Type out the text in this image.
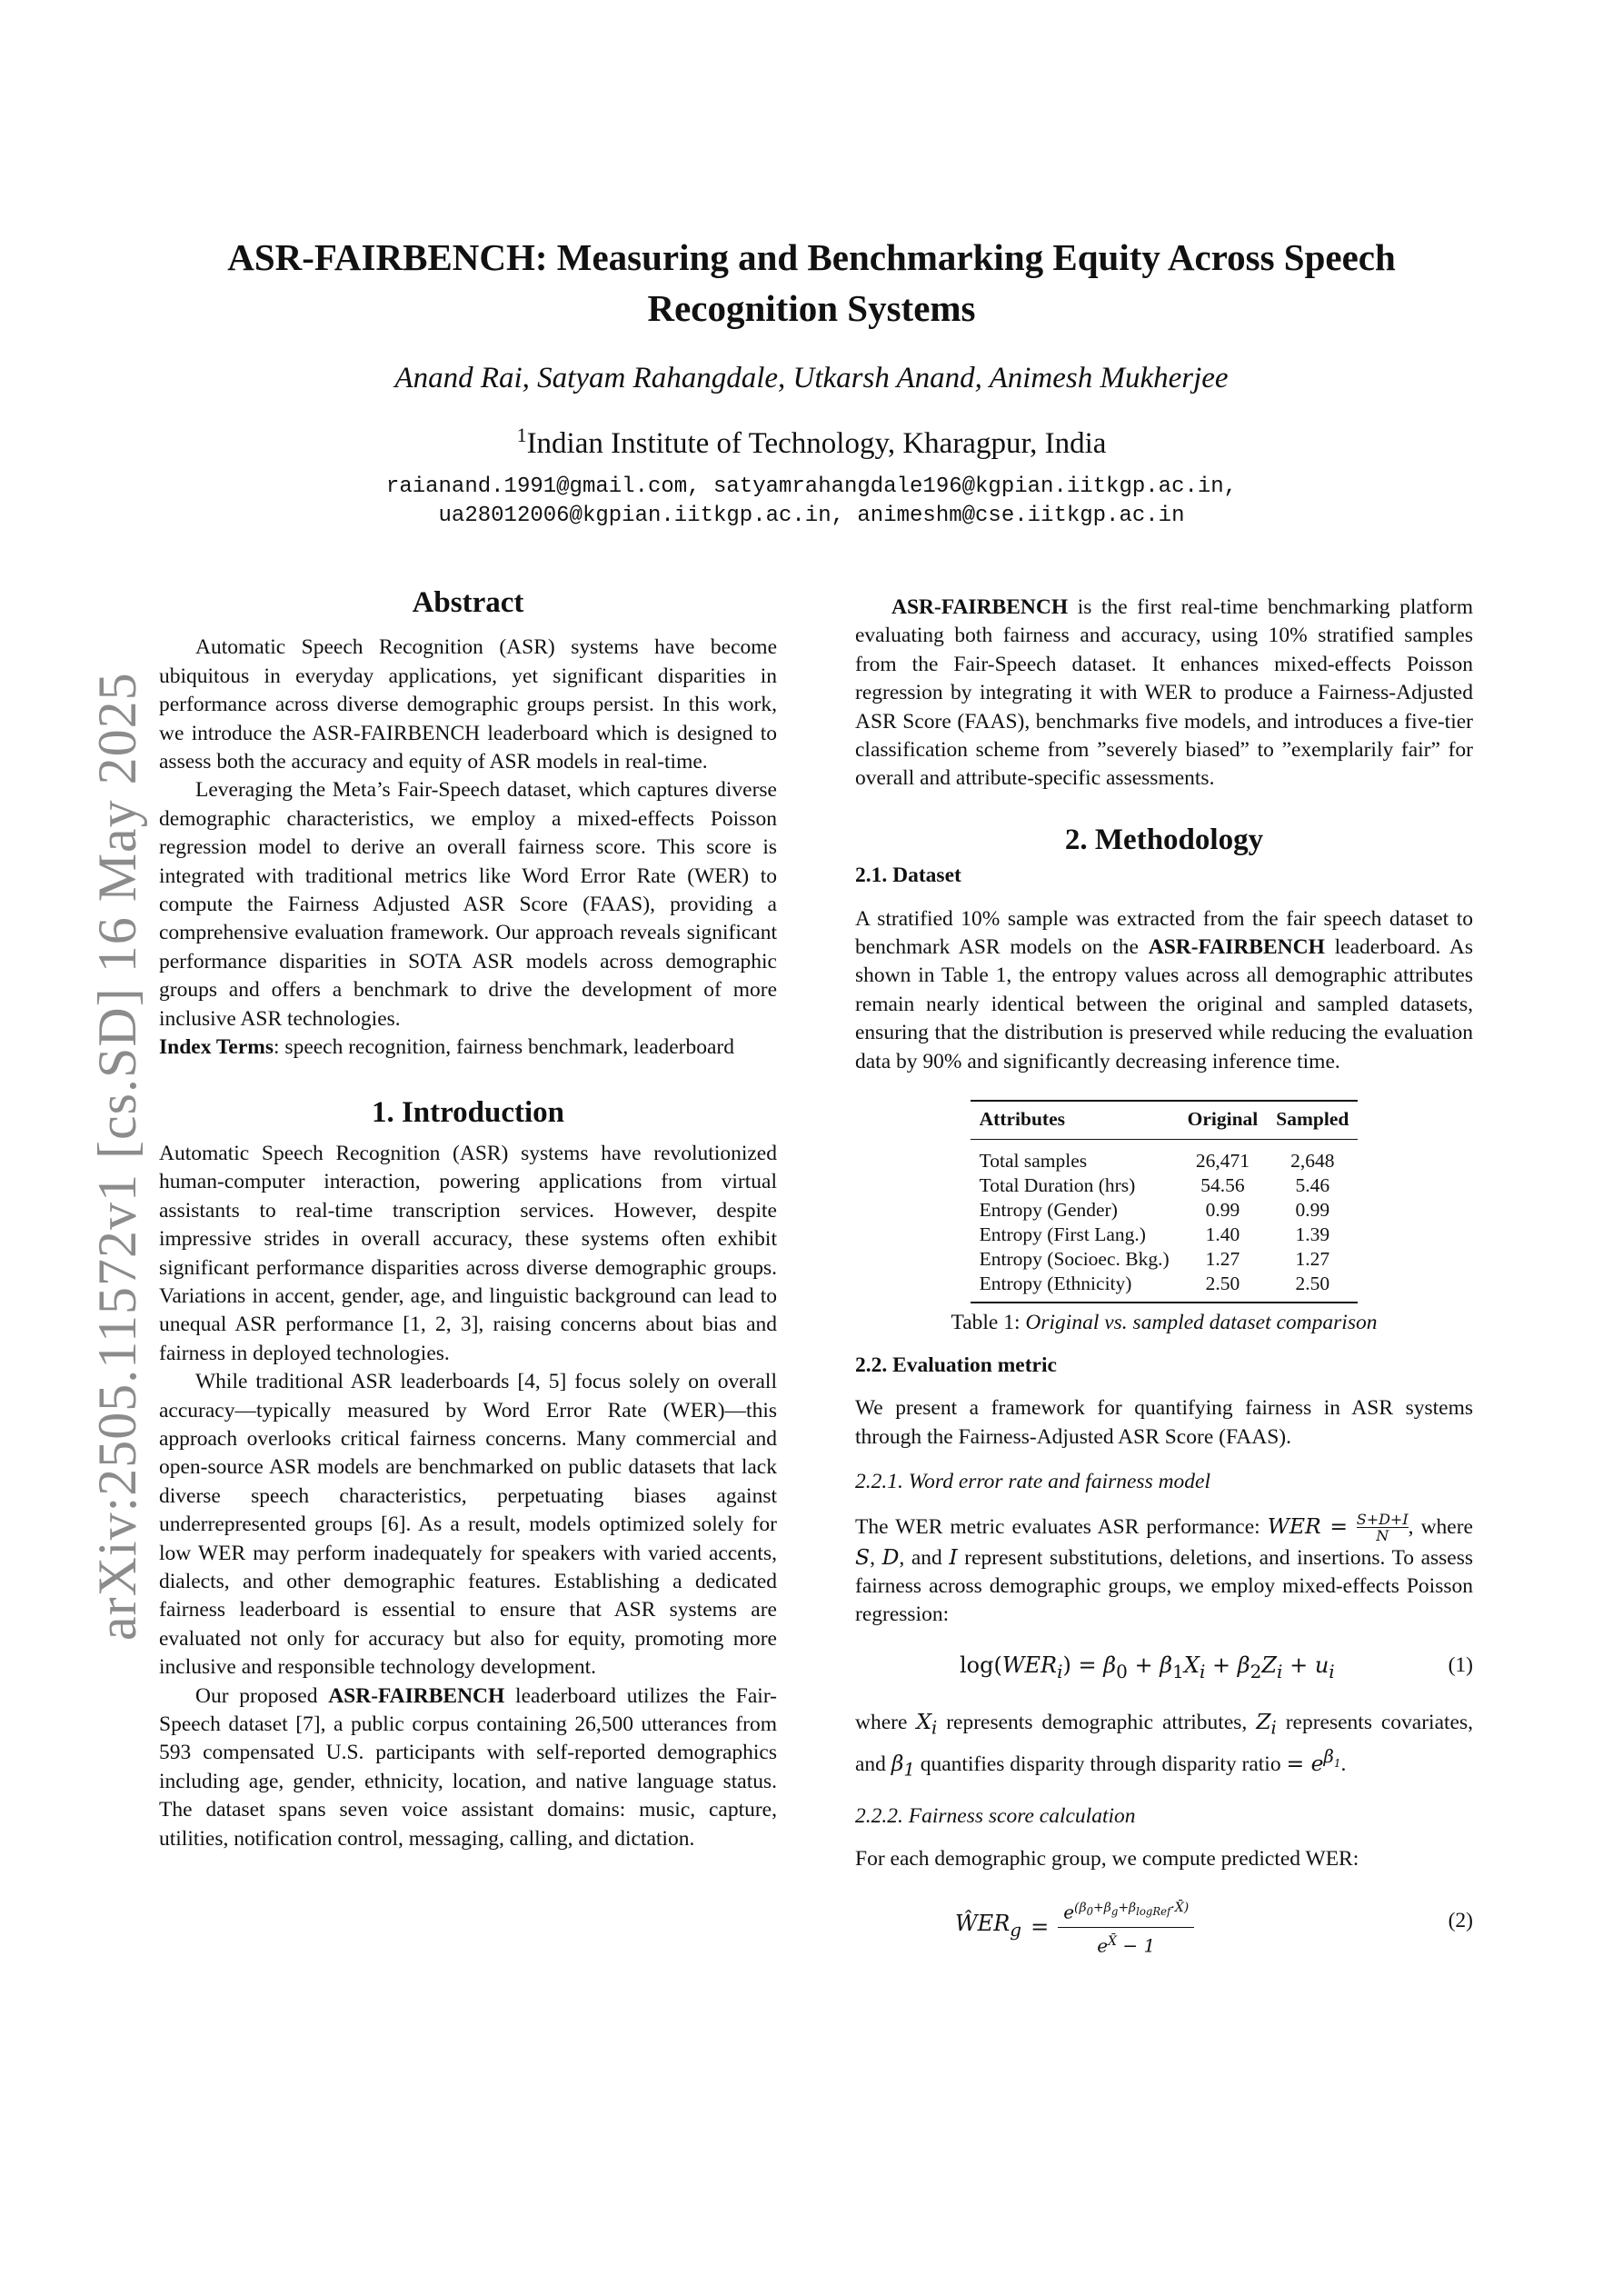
arXiv:2505.11572v1 [cs.SD] 16 May 2025
ASR-FAIRBENCH: Measuring and Benchmarking Equity Across Speech
Recognition Systems
Anand Rai, Satyam Rahangdale, Utkarsh Anand, Animesh Mukherjee
$^1$Indian Institute of Technology, Kharagpur, India
raianand.1991@gmail.com, satyamrahangdale196@kgpian.iitkgp.ac.in,
ua28012006@kgpian.iitkgp.ac.in, animeshm@cse.iitkgp.ac.in

Abstract

Automatic Speech Recognition (ASR) systems have become ubiquitous in everyday applications, yet significant disparities in performance across diverse demographic groups persist. In this work, we introduce the ASR-FAIRBENCH leaderboard which is designed to assess both the accuracy and equity of ASR models in real-time.

Leveraging the Meta’s Fair-Speech dataset, which captures diverse demographic characteristics, we employ a mixed-effects Poisson regression model to derive an overall fairness score. This score is integrated with traditional metrics like Word Error Rate (WER) to compute the Fairness Adjusted ASR Score (FAAS), providing a comprehensive evaluation framework. Our approach reveals significant performance disparities in SOTA ASR models across demographic groups and offers a benchmark to drive the development of more inclusive ASR technologies.

Index Terms: speech recognition, fairness benchmark, leaderboard

1. Introduction

Automatic Speech Recognition (ASR) systems have revolutionized human-computer interaction, powering applications from virtual assistants to real-time transcription services. However, despite impressive strides in overall accuracy, these systems often exhibit significant performance disparities across diverse demographic groups. Variations in accent, gender, age, and linguistic background can lead to unequal ASR performance [1, 2, 3], raising concerns about bias and fairness in deployed technologies.

While traditional ASR leaderboards [4, 5] focus solely on overall accuracy—typically measured by Word Error Rate (WER)—this approach overlooks critical fairness concerns. Many commercial and open-source ASR models are benchmarked on public datasets that lack diverse speech characteristics, perpetuating biases against underrepresented groups [6]. As a result, models optimized solely for low WER may perform inadequately for speakers with varied accents, dialects, and other demographic features. Establishing a dedicated fairness leaderboard is essential to ensure that ASR systems are evaluated not only for accuracy but also for equity, promoting more inclusive and responsible technology development.

Our proposed ASR-FAIRBENCH leaderboard utilizes the Fair-Speech dataset [7], a public corpus containing 26,500 utterances from 593 compensated U.S. participants with self-reported demographics including age, gender, ethnicity, location, and native language status. The dataset spans seven voice assistant domains: music, capture, utilities, notification control, messaging, calling, and dictation.

ASR-FAIRBENCH is the first real-time benchmarking platform evaluating both fairness and accuracy, using 10% stratified samples from the Fair-Speech dataset. It enhances mixed-effects Poisson regression by integrating it with WER to produce a Fairness-Adjusted ASR Score (FAAS), benchmarks five models, and introduces a five-tier classification scheme from ”severely biased” to ”exemplarily fair” for overall and attribute-specific assessments.

2. Methodology

2.1. Dataset

A stratified 10% sample was extracted from the fair speech dataset to benchmark ASR models on the ASR-FAIRBENCH leaderboard. As shown in Table 1, the entropy values across all demographic attributes remain nearly identical between the original and sampled datasets, ensuring that the distribution is preserved while reducing the evaluation data by 90% and significantly decreasing inference time.

Attributes	Original	Sampled

Total samples	26,471	2,648
Total Duration (hrs)	54.56	5.46
Entropy (Gender)	0.99	0.99
Entropy (First Lang.)	1.40	1.39
Entropy (Socioec. Bkg.)	1.27	1.27
Entropy (Ethnicity)	2.50	2.50
Table 1: Original vs. sampled dataset comparison

2.2. Evaluation metric

We present a framework for quantifying fairness in ASR systems through the Fairness-Adjusted ASR Score (FAAS).

2.2.1. Word error rate and fairness model

The WER metric evaluates ASR performance: WER = $\frac{S+D+I}{N}$ , where S, D, and I represent substitutions, deletions, and insertions. To assess fairness across demographic groups, we employ mixed-effects Poisson regression:

$\log(WER_i) = \beta_0 + \beta_1X_i + \beta_2Z_i + u_i$	(1)

where $X_i$ represents demographic attributes, $Z_i$ represents covariates, and $\beta_1$ quantifies disparity through disparity ratio = $e^{\beta_1}$.

2.2.2. Fairness score calculation

For each demographic group, we compute predicted WER:

$ŴER_g$ =
$e^{(\beta_0+\beta_g+\beta_{logRef}\cdot X̄)}$
$e^{X̄} - 1$
(2)
